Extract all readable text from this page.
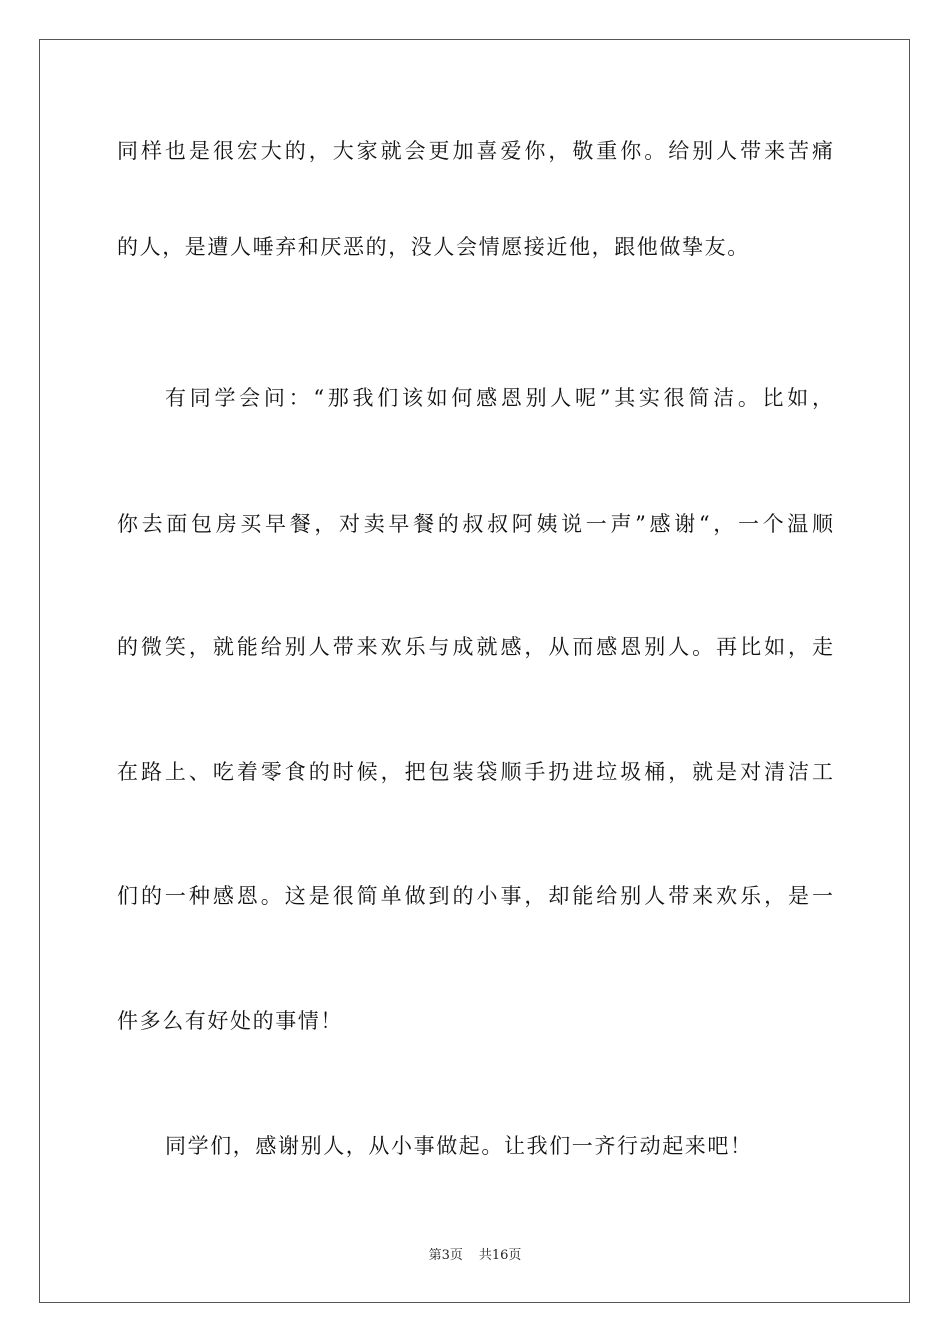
同样也是很宏大的，大家就会更加喜爱你，敬重你。给别人带来苦痛
的人，是遭人唾弃和厌恶的，没人会情愿接近他，跟他做挚友。
有同学会问：“那我们该如何感恩别人呢”其实很简洁。比如，
你去面包房买早餐，对卖早餐的叔叔阿姨说一声”感谢“，一个温顺
的微笑，就能给别人带来欢乐与成就感，从而感恩别人。再比如，走
在路上、吃着零食的时候，把包装袋顺手扔进垃圾桶，就是对清洁工
们的一种感恩。这是很简单做到的小事，却能给别人带来欢乐，是一
件多么有好处的事情！
同学们，感谢别人，从小事做起。让我们一齐行动起来吧！
第3页 共16页
